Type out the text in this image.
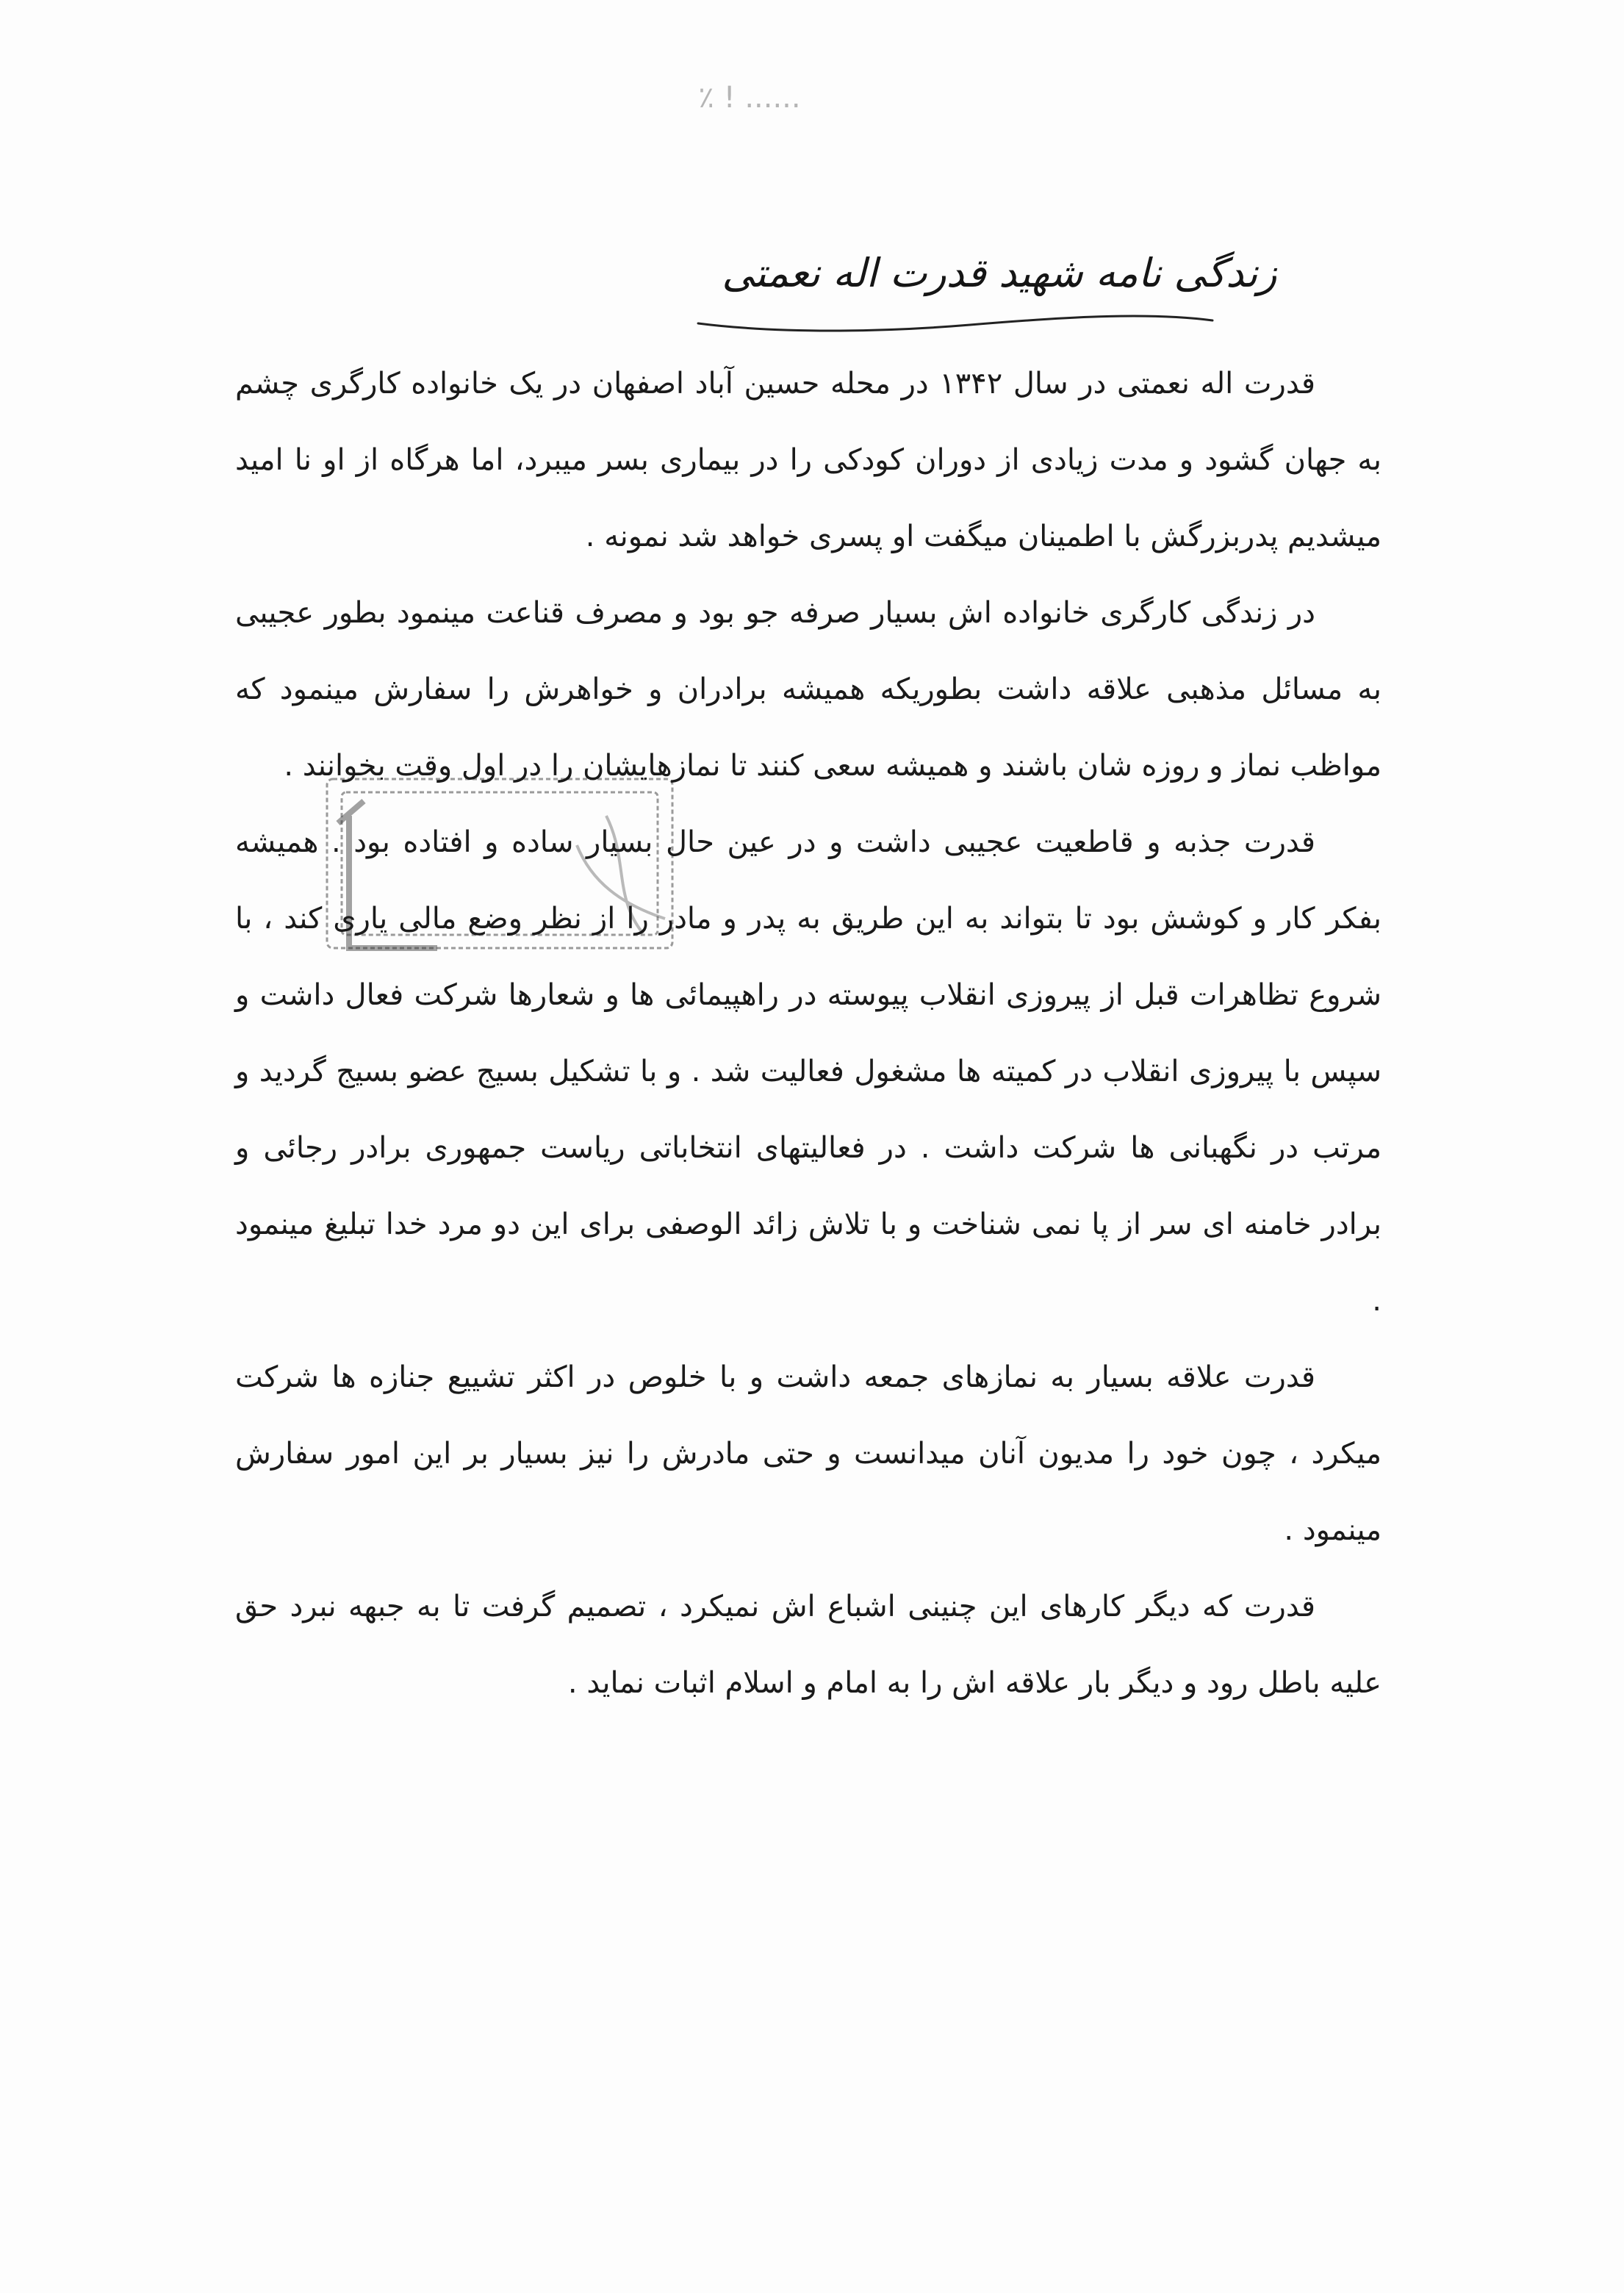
...... ! ٪
زندگی نامه شهید قدرت اله نعمتی

قدرت اله نعمتی در سال ۱۳۴۲ در محله حسین آباد اصفهان در یک خانواده کارگری چشم به جهان گشود و مدت زیادی از دوران کودکی را در بیماری بسر میبرد، اما هرگاه از او نا امید میشدیم پدربزرگش با اطمینان میگفت او پسری خواهد شد نمونه .

در زندگی کارگری خانواده اش بسیار صرفه جو بود و مصرف قناعت مینمود بطور عجیبی به مسائل مذهبی علاقه داشت بطوریکه همیشه برادران و خواهرش را سفارش مینمود که مواظب نماز و روزه شان باشند و همیشه سعی کنند تا نمازهایشان را در اول وقت بخوانند .

قدرت جذبه و قاطعیت عجیبی داشت و در عین حال بسیار ساده و افتاده بود . همیشه بفکر کار و کوشش بود تا بتواند به این طریق به پدر و مادر را از نظر وضع مالی یاری کند ، با شروع تظاهرات قبل از پیروزی انقلاب پیوسته در راهپیمائی ها و شعارها شرکت فعال داشت و سپس با پیروزی انقلاب در کمیته ها مشغول فعالیت شد . و با تشکیل بسیج عضو بسیج گردید و مرتب در نگهبانی ها شرکت داشت . در فعالیتهای انتخاباتی ریاست جمهوری برادر رجائی و برادر خامنه ای سر از پا نمی شناخت و با تلاش زائد الوصفی برای این دو مرد خدا تبلیغ مینمود .

قدرت علاقه بسیار به نمازهای جمعه داشت و با خلوص در اکثر تشییع جنازه ها شرکت میکرد ، چون خود را مدیون آنان میدانست و حتی مادرش را نیز بسیار بر این امور سفارش مینمود .

قدرت که دیگر کارهای این چنینی اشباع اش نمیکرد ، تصمیم گرفت تا به جبهه نبرد حق علیه باطل رود و دیگر بار علاقه اش را به امام و اسلام اثبات نماید .
